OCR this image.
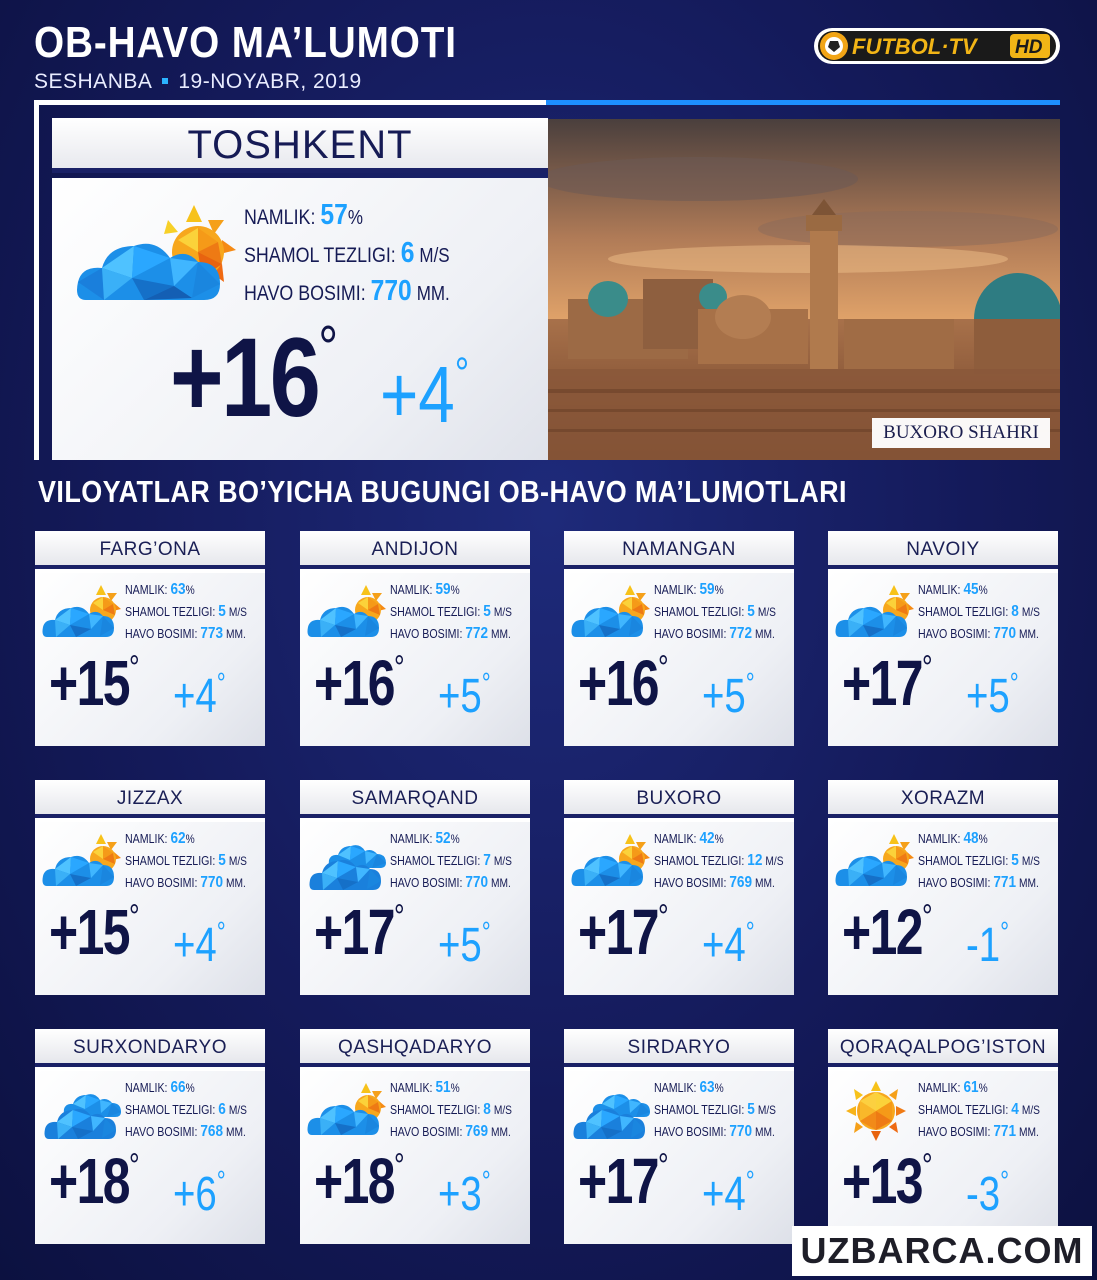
OB-HAVO MA’LUMOTI
SESHANBA 19-NOYABR, 2019
FUTBOL·TV HD
TOSHKENT
NAMLIK: 57%
SHAMOL TEZLIGI: 6 M/S
HAVO BOSIMI: 770 MM.
+16°
+4°
BUXORO SHAHRI
VILOYATLAR BO’YICHA BUGUNGI OB-HAVO MA’LUMOTLARI
FARG’ONA
NAMLIK: 63%
SHAMOL TEZLIGI: 5 M/S
HAVO BOSIMI: 773 MM.
+15°
+4°
ANDIJON
NAMLIK: 59%
SHAMOL TEZLIGI: 5 M/S
HAVO BOSIMI: 772 MM.
+16°
+5°
NAMANGAN
NAMLIK: 59%
SHAMOL TEZLIGI: 5 M/S
HAVO BOSIMI: 772 MM.
+16°
+5°
NAVOIY
NAMLIK: 45%
SHAMOL TEZLIGI: 8 M/S
HAVO BOSIMI: 770 MM.
+17°
+5°
JIZZAX
NAMLIK: 62%
SHAMOL TEZLIGI: 5 M/S
HAVO BOSIMI: 770 MM.
+15°
+4°
SAMARQAND
NAMLIK: 52%
SHAMOL TEZLIGI: 7 M/S
HAVO BOSIMI: 770 MM.
+17°
+5°
BUXORO
NAMLIK: 42%
SHAMOL TEZLIGI: 12 M/S
HAVO BOSIMI: 769 MM.
+17°
+4°
XORAZM
NAMLIK: 48%
SHAMOL TEZLIGI: 5 M/S
HAVO BOSIMI: 771 MM.
+12°
-1°
SURXONDARYO
NAMLIK: 66%
SHAMOL TEZLIGI: 6 M/S
HAVO BOSIMI: 768 MM.
+18°
+6°
QASHQADARYO
NAMLIK: 51%
SHAMOL TEZLIGI: 8 M/S
HAVO BOSIMI: 769 MM.
+18°
+3°
SIRDARYO
NAMLIK: 63%
SHAMOL TEZLIGI: 5 M/S
HAVO BOSIMI: 770 MM.
+17°
+4°
QORAQALPOG’ISTON
NAMLIK: 61%
SHAMOL TEZLIGI: 4 M/S
HAVO BOSIMI: 771 MM.
+13°
-3°
UZBARCA.COM
